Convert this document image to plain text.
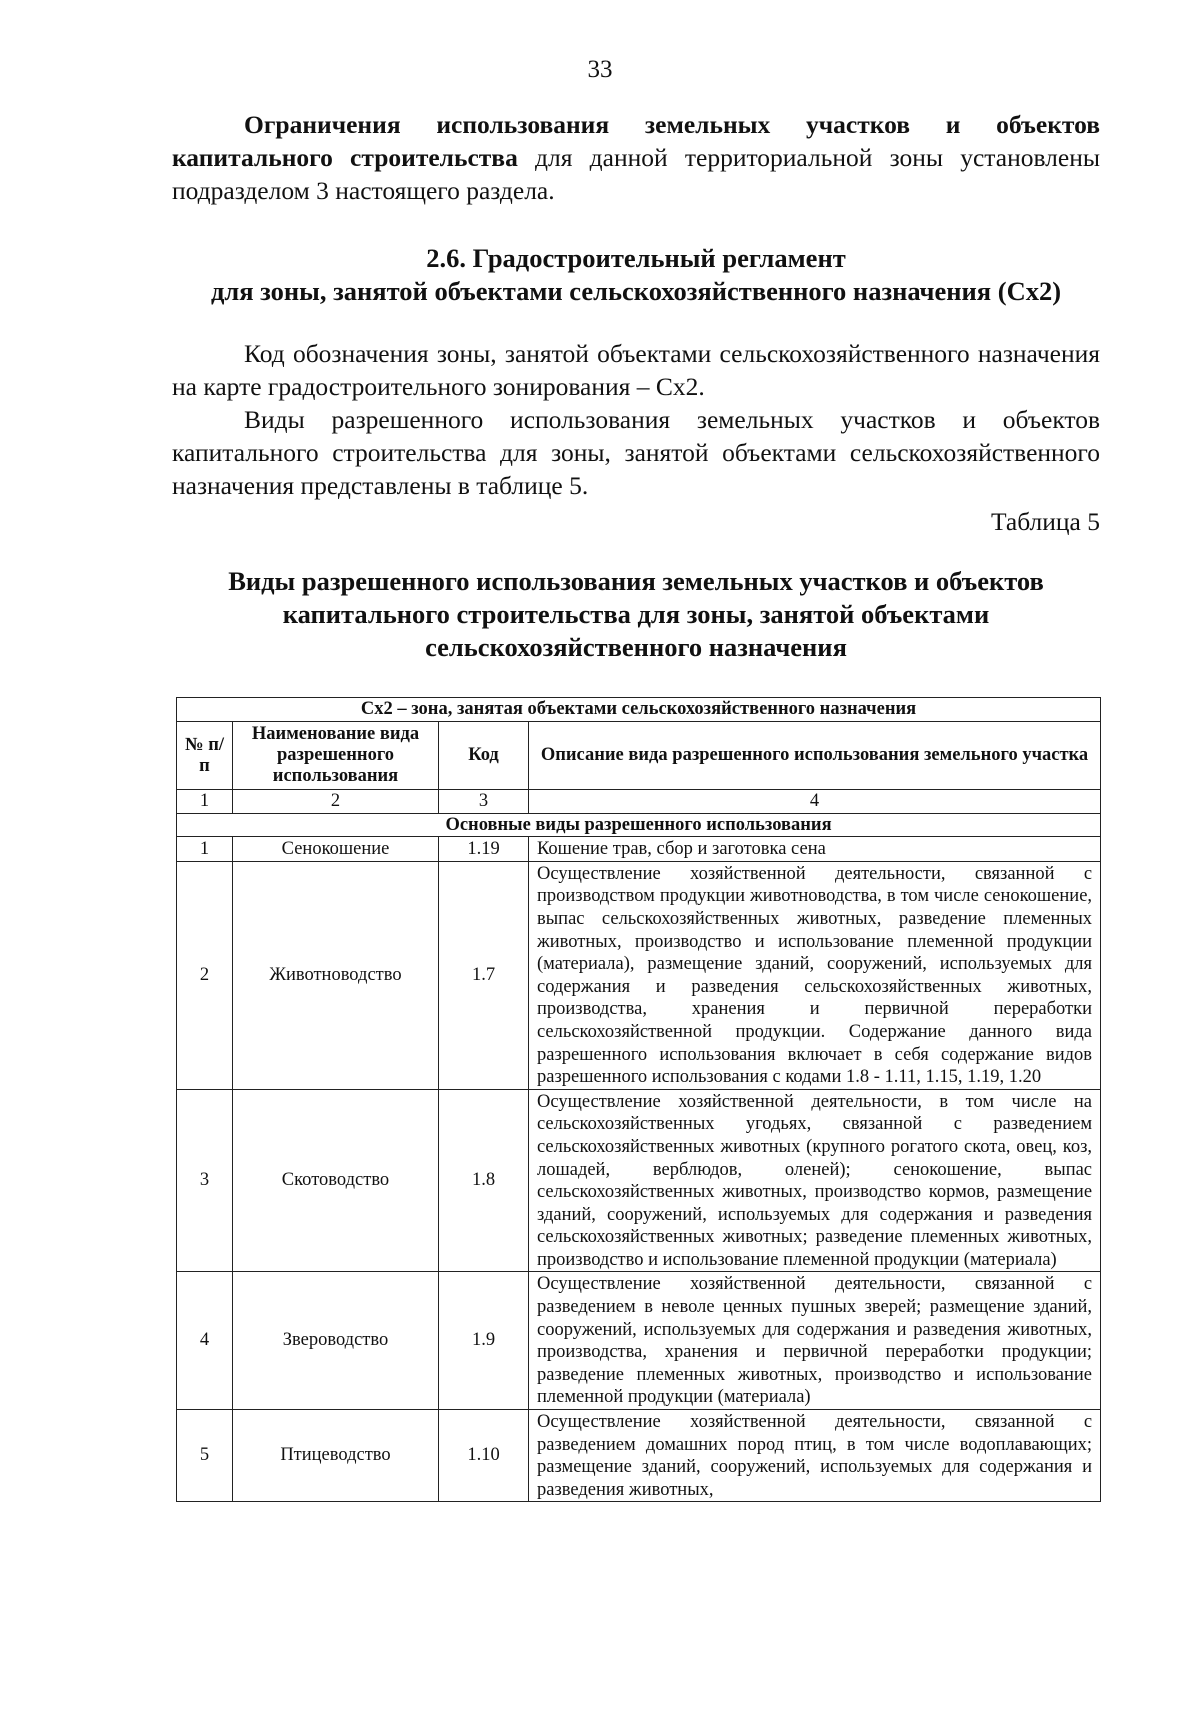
33

Ограничения использования земельных участков и объектов капитального строительства для данной территориальной зоны установлены подразделом 3 настоящего раздела.

2.6. Градостроительный регламент

для зоны, занятой объектами сельскохозяйственного назначения (Сх2)

Код обозначения зоны, занятой объектами сельскохозяйственного назначения на карте градостроительного зонирования – Сх2.

Виды разрешенного использования земельных участков и объектов капитального строительства для зоны, занятой объектами сельскохозяйственного назначения представлены в таблице 5.

Таблица 5

Виды разрешенного использования земельных участков и объектов

капитального строительства для зоны, занятой объектами

сельскохозяйственного назначения

Сх2 – зона, занятая объектами сельскохозяйственного назначения			
№ п/п	Наименование вида разрешенного использования	Код	Описание вида разрешенного использования земельного участка
1	2	3	4
Основные виды разрешенного использования			
1	Сенокошение	1.19	Кошение трав, сбор и заготовка сена
2	Животноводство	1.7	Осуществление хозяйственной деятельности, связанной с производством продукции животноводства, в том числе сенокошение, выпас сельскохозяйственных животных, разведение племенных животных, производство и использование племенной продукции (материала), размещение зданий, сооружений, используемых для содержания и разведения сельскохозяйственных животных, производства, хранения и первичной переработки сельскохозяйственной продукции. Содержание данного вида разрешенного использования включает в себя содержание видов разрешенного использования с кодами 1.8 - 1.11, 1.15, 1.19, 1.20
3	Скотоводство	1.8	Осуществление хозяйственной деятельности, в том числе на сельскохозяйственных угодьях, связанной с разведением сельскохозяйственных животных (крупного рогатого скота, овец, коз, лошадей, верблюдов, оленей); сенокошение, выпас сельскохозяйственных животных, производство кормов, размещение зданий, сооружений, используемых для содержания и разведения сельскохозяйственных животных; разведение племенных животных, производство и использование племенной продукции (материала)
4	Звероводство	1.9	Осуществление хозяйственной деятельности, связанной с разведением в неволе ценных пушных зверей; размещение зданий, сооружений, используемых для содержания и разведения животных, производства, хранения и первичной переработки продукции; разведение племенных животных, производство и использование племенной продукции (материала)
5	Птицеводство	1.10	Осуществление хозяйственной деятельности, связанной с разведением домашних пород птиц, в том числе водоплавающих; размещение зданий, сооружений, используемых для содержания и разведения животных,
